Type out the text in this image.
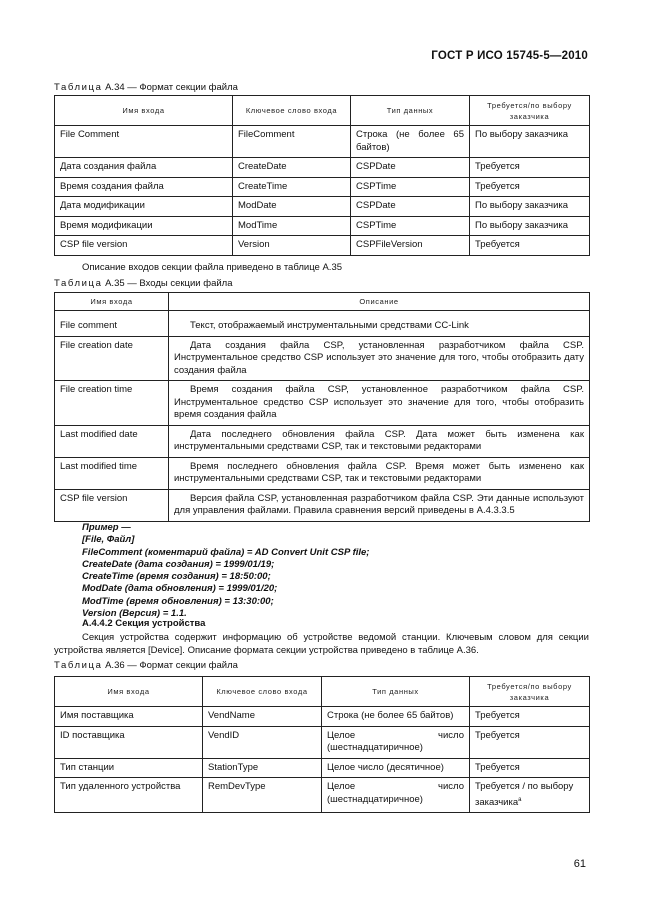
ГОСТ Р ИСО 15745-5—2010
Таблица А.34 — Формат секции файла
Имя входа	Ключевое слово входа	Тип данных	Требуется/по выбору заказчика
File Comment	FileComment	Строка (не более 65 байтов)	По выбору заказчика
Дата создания файла	CreateDate	CSPDate	Требуется
Время создания файла	CreateTime	CSPTime	Требуется
Дата модификации	ModDate	CSPDate	По выбору заказчика
Время модификации	ModTime	CSPTime	По выбору заказчика
CSP file version	Version	CSPFileVersion	Требуется
Описание входов секции файла приведено в таблице А.35
Таблица А.35 — Входы секции файла
Имя входа	Описание
File comment	Текст, отображаемый инструментальными средствами CC-Link
File creation date	Дата создания файла CSP, установленная разработчиком файла CSP. Инструментальное средство CSP использует это значение для того, чтобы отобразить дату создания файла
File creation time	Время создания файла CSP, установленное разработчиком файла CSP. Инструментальное средство CSP использует это значение для того, чтобы отобразить время создания файла
Last modified date	Дата последнего обновления файла CSP. Дата может быть изменена как инструментальными средствами CSP, так и текстовыми редакторами
Last modified time	Время последнего обновления файла CSP. Время может быть изменено как инструментальными средствами CSP, так и текстовыми редакторами
CSP file version	Версия файла CSP, установленная разработчиком файла CSP. Эти данные используют для управления файлами. Правила сравнения версий приведены в А.4.3.3.5
Пример —
[File, Файл]
FileComment (коментарий файла) = AD Convert Unit CSP file;
CreateDate (дата создания) = 1999/01/19;
CreateTime (время создания) = 18:50:00;
ModDate (дата обновления) = 1999/01/20;
ModTime (время обновления) = 13:30:00;
Version (Версия) = 1.1.
А.4.4.2 Секция устройства
Секция устройства содержит информацию об устройстве ведомой станции. Ключевым словом для секции устройства является [Device]. Описание формата секции устройства приведено в таблице А.36.
Таблица А.36 — Формат секции файла
Имя входа	Ключевое слово входа	Тип данных	Требуется/по выбору заказчика
Имя поставщика	VendName	Строка (не более 65 байтов)	Требуется
ID поставщика	VendID	Целое число (шестнадцатиричное)	Требуется
Тип станции	StationType	Целое число (десятичное)	Требуется
Тип удаленного устройства	RemDevType	Целое число (шестнадцатиричное)	Требуется / по выбору заказчика$^a$
61
